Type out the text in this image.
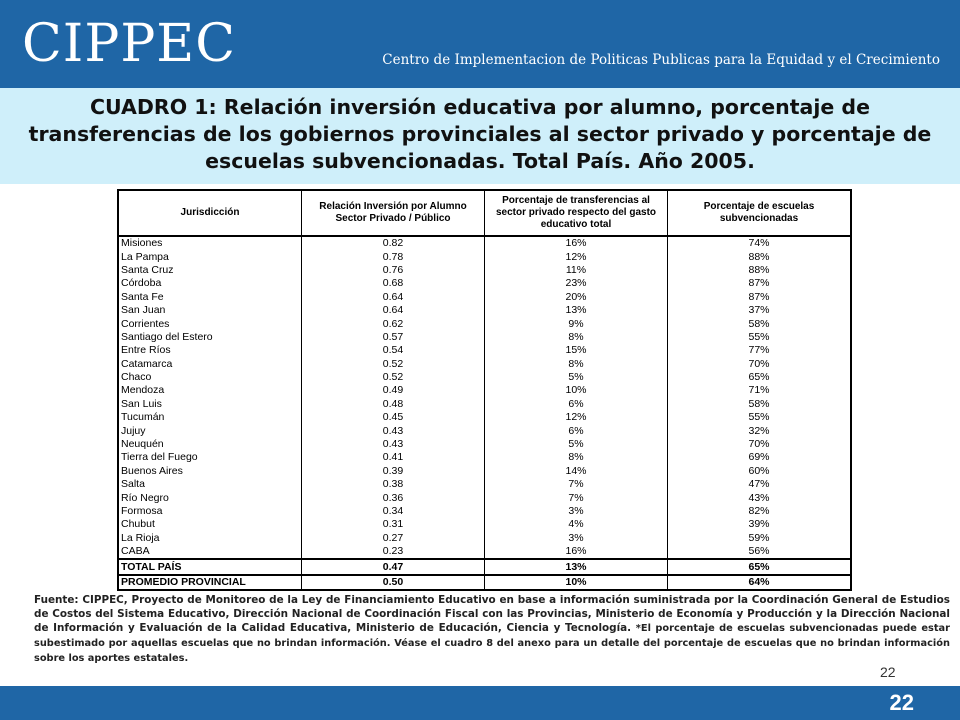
CIPPEC	Centro de Implementacion de Politicas Publicas para la Equidad y el Crecimiento
CUADRO 1: Relación inversión educativa por alumno, porcentaje de transferencias de los gobiernos provinciales al sector privado y porcentaje de escuelas subvencionadas. Total País. Año 2005.
Jurisdicción	Relación Inversión por Alumno Sector Privado / Público	Porcentaje de transferencias al sector privado respecto del gasto educativo total	Porcentaje de escuelas subvencionadas
Misiones	0.82	16%	74%
La Pampa	0.78	12%	88%
Santa Cruz	0.76	11%	88%
Córdoba	0.68	23%	87%
Santa Fe	0.64	20%	87%
San Juan	0.64	13%	37%
Corrientes	0.62	9%	58%
Santiago del Estero	0.57	8%	55%
Entre Ríos	0.54	15%	77%
Catamarca	0.52	8%	70%
Chaco	0.52	5%	65%
Mendoza	0.49	10%	71%
San Luis	0.48	6%	58%
Tucumán	0.45	12%	55%
Jujuy	0.43	6%	32%
Neuquén	0.43	5%	70%
Tierra del Fuego	0.41	8%	69%
Buenos Aires	0.39	14%	60%
Salta	0.38	7%	47%
Río Negro	0.36	7%	43%
Formosa	0.34	3%	82%
Chubut	0.31	4%	39%
La Rioja	0.27	3%	59%
CABA	0.23	16%	56%
TOTAL PAÍS	0.47	13%	65%
PROMEDIO PROVINCIAL	0.50	10%	64%
Fuente: CIPPEC, Proyecto de Monitoreo de la Ley de Financiamiento Educativo en base a información suministrada por la Coordinación General de Estudios de Costos del Sistema Educativo, Dirección Nacional de Coordinación Fiscal con las Provincias, Ministerio de Economía y Producción y la Dirección Nacional de Información y Evaluación de la Calidad Educativa, Ministerio de Educación, Ciencia y Tecnología. *El porcentaje de escuelas subvencionadas puede estar subestimado por aquellas escuelas que no brindan información. Véase el cuadro 8 del anexo para un detalle del porcentaje de escuelas que no brindan información sobre los aportes estatales.
22
22
